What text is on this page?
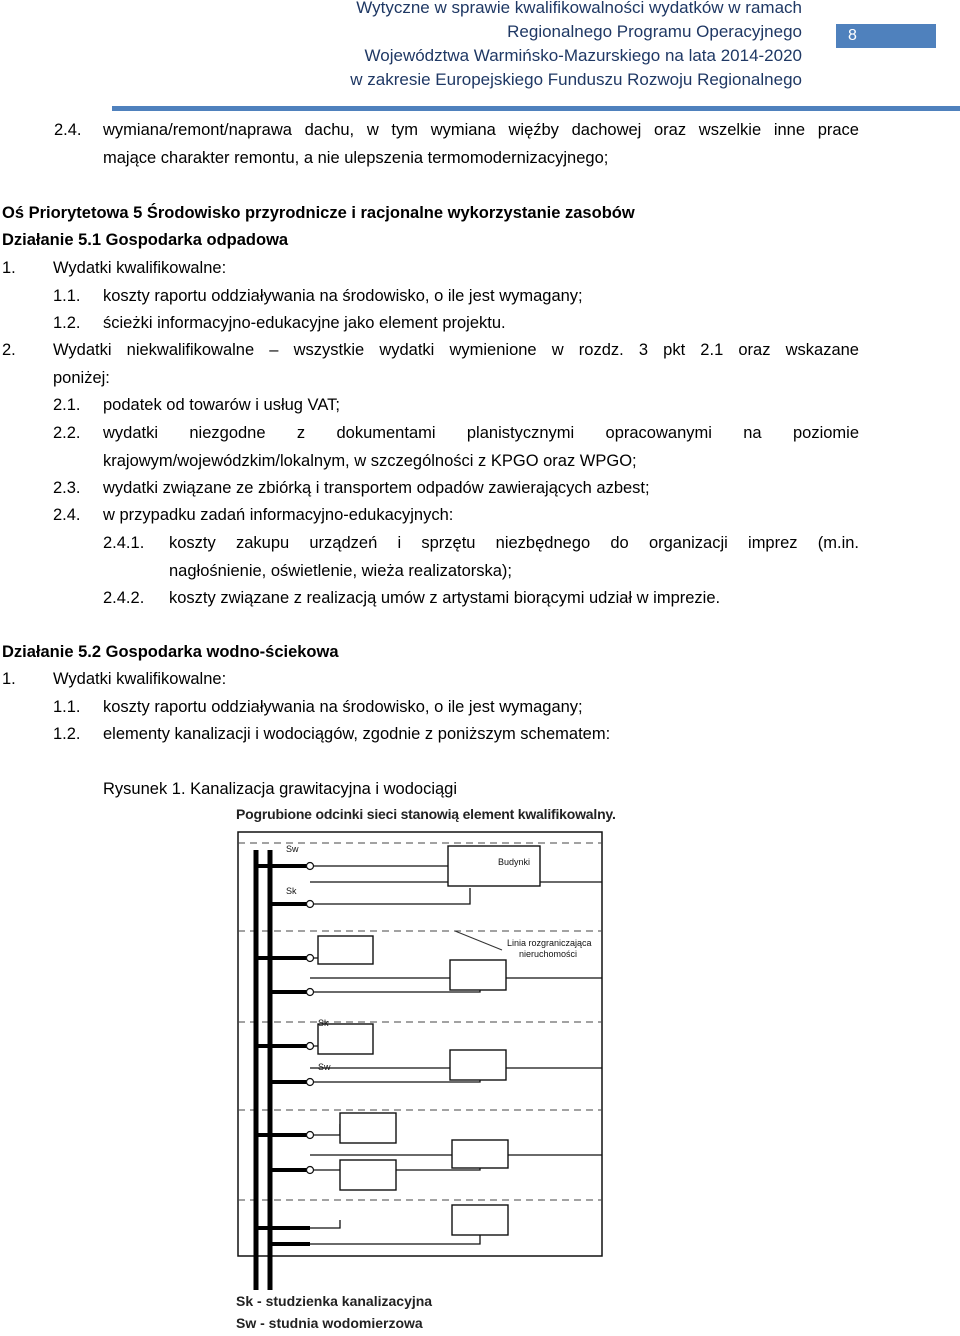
Wytyczne w sprawie kwalifikowalności wydatków w ramach
Regionalnego Programu Operacyjnego
Województwa Warmińsko-Mazurskiego na lata 2014-2020
w zakresie Europejskiego Funduszu Rozwoju Regionalnego
8
2.4. wymiana/remont/naprawa dachu, w tym wymiana więźby dachowej oraz wszelkie inne prace
mające charakter remontu, a nie ulepszenia termomodernizacyjnego;
Oś Priorytetowa 5 Środowisko przyrodnicze i racjonalne wykorzystanie zasobów
Działanie 5.1 Gospodarka odpadowa
1. Wydatki kwalifikowalne:
1.1. koszty raportu oddziaływania na środowisko, o ile jest wymagany;
1.2. ścieżki informacyjno-edukacyjne jako element projektu.
2. Wydatki niekwalifikowalne – wszystkie wydatki wymienione w rozdz. 3 pkt 2.1 oraz wskazane
poniżej:
2.1. podatek od towarów i usług VAT;
2.2. wydatki niezgodne z dokumentami planistycznymi opracowanymi na poziomie
krajowym/wojewódzkim/lokalnym, w szczególności z KPGO oraz WPGO;
2.3. wydatki związane ze zbiórką i transportem odpadów zawierających azbest;
2.4. w przypadku zadań informacyjno-edukacyjnych:
2.4.1. koszty zakupu urządzeń i sprzętu niezbędnego do organizacji imprez (m.in.
nagłośnienie, oświetlenie, wieża realizatorska);
2.4.2. koszty związane z realizacją umów z artystami biorącymi udział w imprezie.
Działanie 5.2 Gospodarka wodno-ściekowa
1. Wydatki kwalifikowalne:
1.1. koszty raportu oddziaływania na środowisko, o ile jest wymagany;
1.2. elementy kanalizacji i wodociągów, zgodnie z poniższym schematem:
Rysunek 1. Kanalizacja grawitacyjna i wodociągi
Pogrubione odcinki sieci stanowią element kwalifikowalny.
Sw
Sk
Sk
Sw
Budynki
Linia rozgraniczająca
nieruchomości
Sk - studzienka kanalizacyjna
Sw - studnia wodomierzowa
